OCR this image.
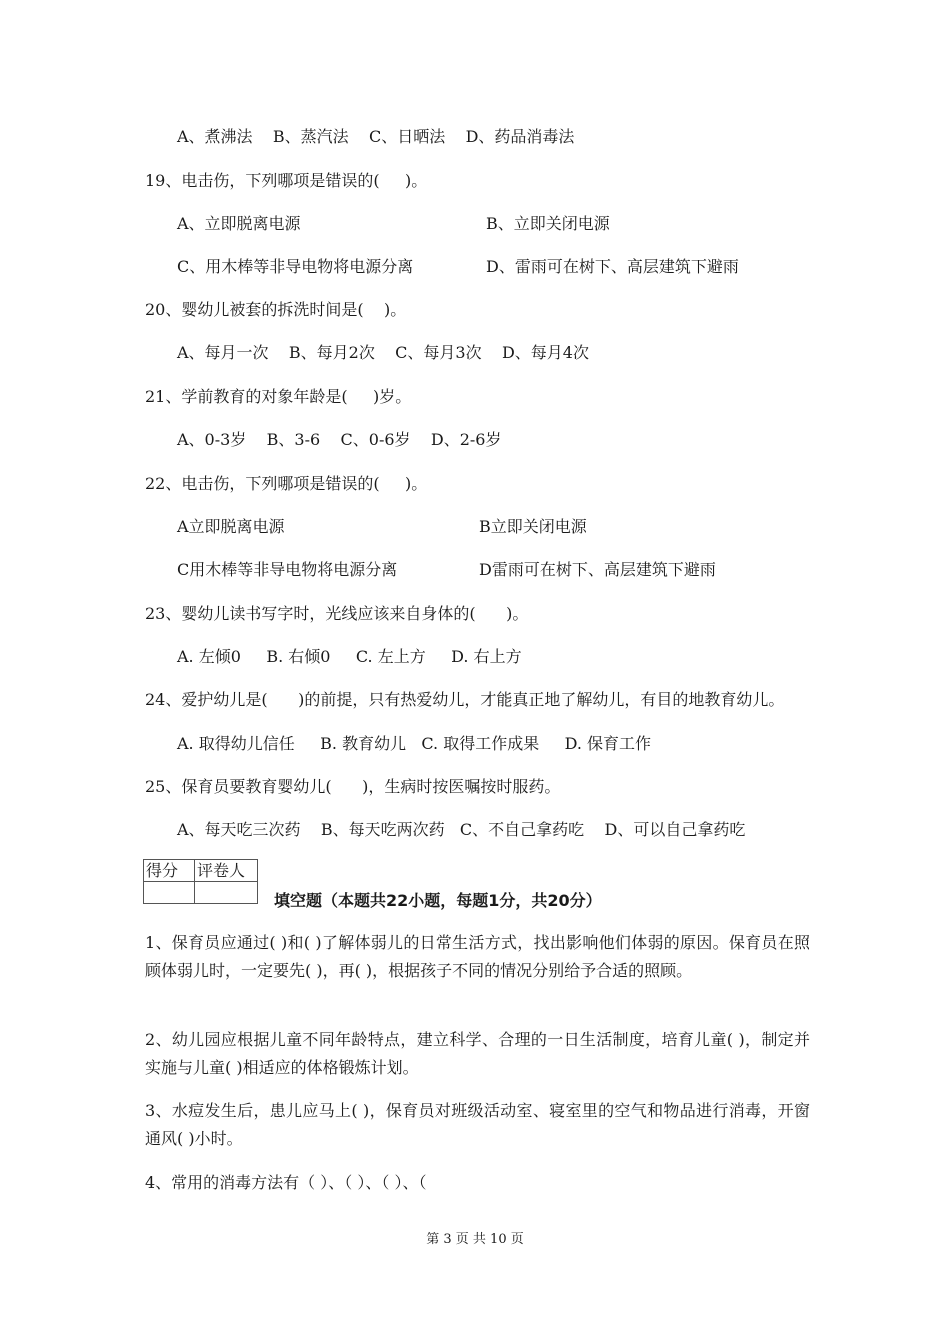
A、煮沸法    B、蒸汽法    C、日晒法    D、药品消毒法
19、电击伤，下列哪项是错误的(     )。
A、立即脱离电源	B、立即关闭电源
C、用木棒等非导电物将电源分离	D、雷雨可在树下、高层建筑下避雨
20、婴幼儿被套的拆洗时间是(    )。
A、每月一次    B、每月2次    C、每月3次    D、每月4次
21、学前教育的对象年龄是(     )岁。
A、0-3岁    B、3-6    C、0-6岁    D、2-6岁
22、电击伤，下列哪项是错误的(     )。
A立即脱离电源	B立即关闭电源
C用木棒等非导电物将电源分离	D雷雨可在树下、高层建筑下避雨
23、婴幼儿读书写字时，光线应该来自身体的(      )。
A. 左倾0     B. 右倾0     C. 左上方     D. 右上方
24、爱护幼儿是(      )的前提，只有热爱幼儿，才能真正地了解幼儿，有目的地教育幼儿。
A. 取得幼儿信任     B. 教育幼儿   C. 取得工作成果     D. 保育工作
25、保育员要教育婴幼儿(      )，生病时按医嘱按时服药。
A、每天吃三次药    B、每天吃两次药   C、不自己拿药吃    D、可以自己拿药吃
得分	评卷人

填空题（本题共22小题，每题1分，共20分）
1、保育员应通过( )和( )了解体弱儿的日常生活方式，找出影响他们体弱的原因。保育员在照顾体弱儿时，一定要先( )，再( )，根据孩子不同的情况分别给予合适的照顾。
2、幼儿园应根据儿童不同年龄特点，建立科学、合理的一日生活制度，培育儿童( )，制定并实施与儿童( )相适应的体格锻炼计划。
3、水痘发生后，患儿应马上( )，保育员对班级活动室、寝室里的空气和物品进行消毒，开窗通风( )小时。
4、常用的消毒方法有（ ）、（ ）、（ ）、（
第 3 页 共 10 页
